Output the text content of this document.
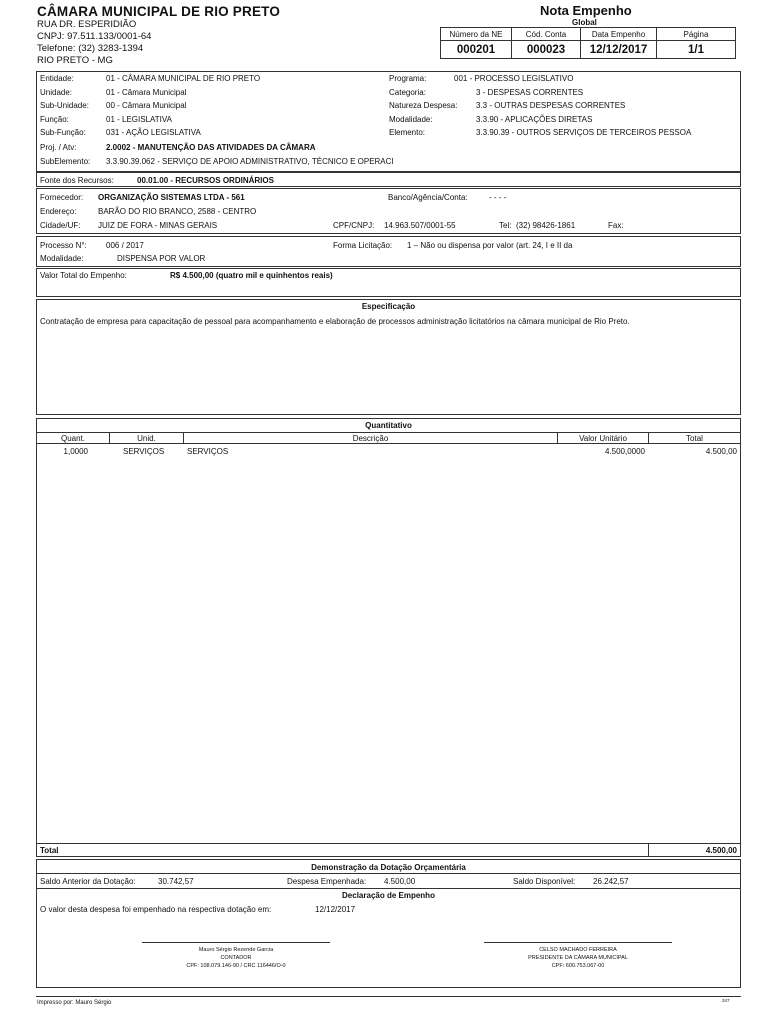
CÂMARA MUNICIPAL DE RIO PRETO
RUA DR. ESPERIDIÃO
CNPJ: 97.511.133/0001-64
Telefone: (32) 3283-1394
RIO PRETO - MG
Nota Empenho
Global
Número da NE	Cód. Conta	Data Empenho	Página
000201	000023	12/12/2017	1/1
Entidade:	01 - CÂMARA MUNICIPAL DE RIO PRETO
Unidade:	01 - Câmara Municipal
Sub-Unidade: 00 - Câmara Municipal
Função:	01 - LEGISLATIVA
Sub-Função:	031 - AÇÃO LEGISLATIVA
Proj. / Atv:	2.0002 - MANUTENÇÃO DAS ATIVIDADES DA CÂMARA
SubElemento: 3.3.90.39.062 - SERVIÇO DE APOIO ADMINISTRATIVO, TÉCNICO E OPERACI
Programa:	001 - PROCESSO LEGISLATIVO
Categoria:	3 - DESPESAS CORRENTES
Natureza Despesa: 3.3 - OUTRAS DESPESAS CORRENTES
Modalidade:	3.3.90 - APLICAÇÕES DIRETAS
Elemento:	3.3.90.39 - OUTROS SERVIÇOS DE TERCEIROS PESSOA
Fonte dos Recursos:	00.01.00 - RECURSOS ORDINÁRIOS
Fornecedor: ORGANIZAÇÃO SISTEMAS LTDA - 561
Endereço:	BARÃO DO RIO BRANCO, 2588 - CENTRO
Cidade/UF: JUIZ DE FORA - MINAS GERAIS
Banco/Agência/Conta:	- - - -
CPF/CNPJ: 14.963.507/0001-55	Tel: (32) 98426-1861	Fax:
Processo N°: 006 / 2017
Modalidade:	DISPENSA POR VALOR
Forma Licitação: 1 – Não ou dispensa por valor (art. 24, I e II da
Valor Total do Empenho:	R$ 4.500,00 (quatro mil e quinhentos reais)
Especificação
Contratação de empresa para capacitação de pessoal para acompanhamento e elaboração de processos administração licitatórios na câmara municipal de Rio Preto.
Quantitativo
Quant.	Unid.	Descrição	Valor Unitário	Total
1,0000	SERVIÇOS	SERVIÇOS	4.500,0000	4.500,00
Total	4.500,00
Demonstração da Dotação Orçamentária
Saldo Anterior da Dotação:	30.742,57	Despesa Empenhada: 4.500,00	Saldo Disponível: 26.242,57
Declaração de Empenho
O valor desta despesa foi empenhado na respectiva dotação em:	12/12/2017
Mauro Sérgio Rezende Garcia
CONTADOR
CPF: 108.079.146-90 / CRC 116446/O-0
CELSO MACHADO FERREIRA
PRESIDENTE DA CÂMARA MUNICIPAL
CPF: 600.753.067-00
Impresso por: Mauro Sérgio	347
